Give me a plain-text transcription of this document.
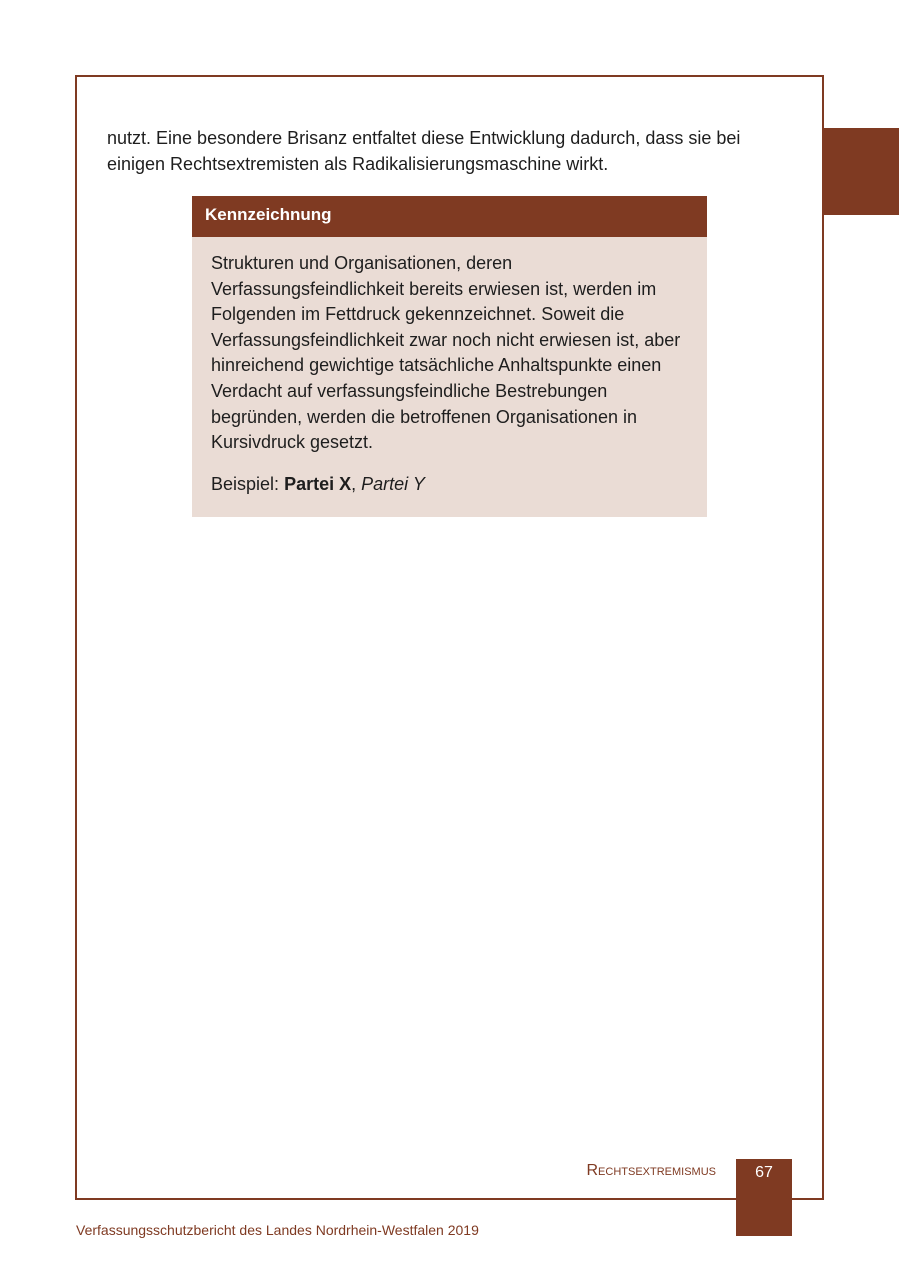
nutzt. Eine besondere Brisanz entfaltet diese Entwicklung dadurch, dass sie bei einigen Rechtsextremisten als Radikalisierungsmaschine wirkt.

Kennzeichnung

Strukturen und Organisationen, deren Verfassungsfeindlichkeit bereits erwiesen ist, werden im Folgenden im Fettdruck gekennzeichnet. Soweit die Verfassungsfeindlichkeit zwar noch nicht erwiesen ist, aber hinreichend gewichtige tatsächliche Anhaltspunkte einen Verdacht auf verfassungsfeindliche Bestrebungen begründen, werden die betroffenen Organisationen in Kursivdruck gesetzt.

Beispiel: Partei X, Partei Y

Rechtsextremismus	67
Verfassungsschutzbericht des Landes Nordrhein-Westfalen 2019
